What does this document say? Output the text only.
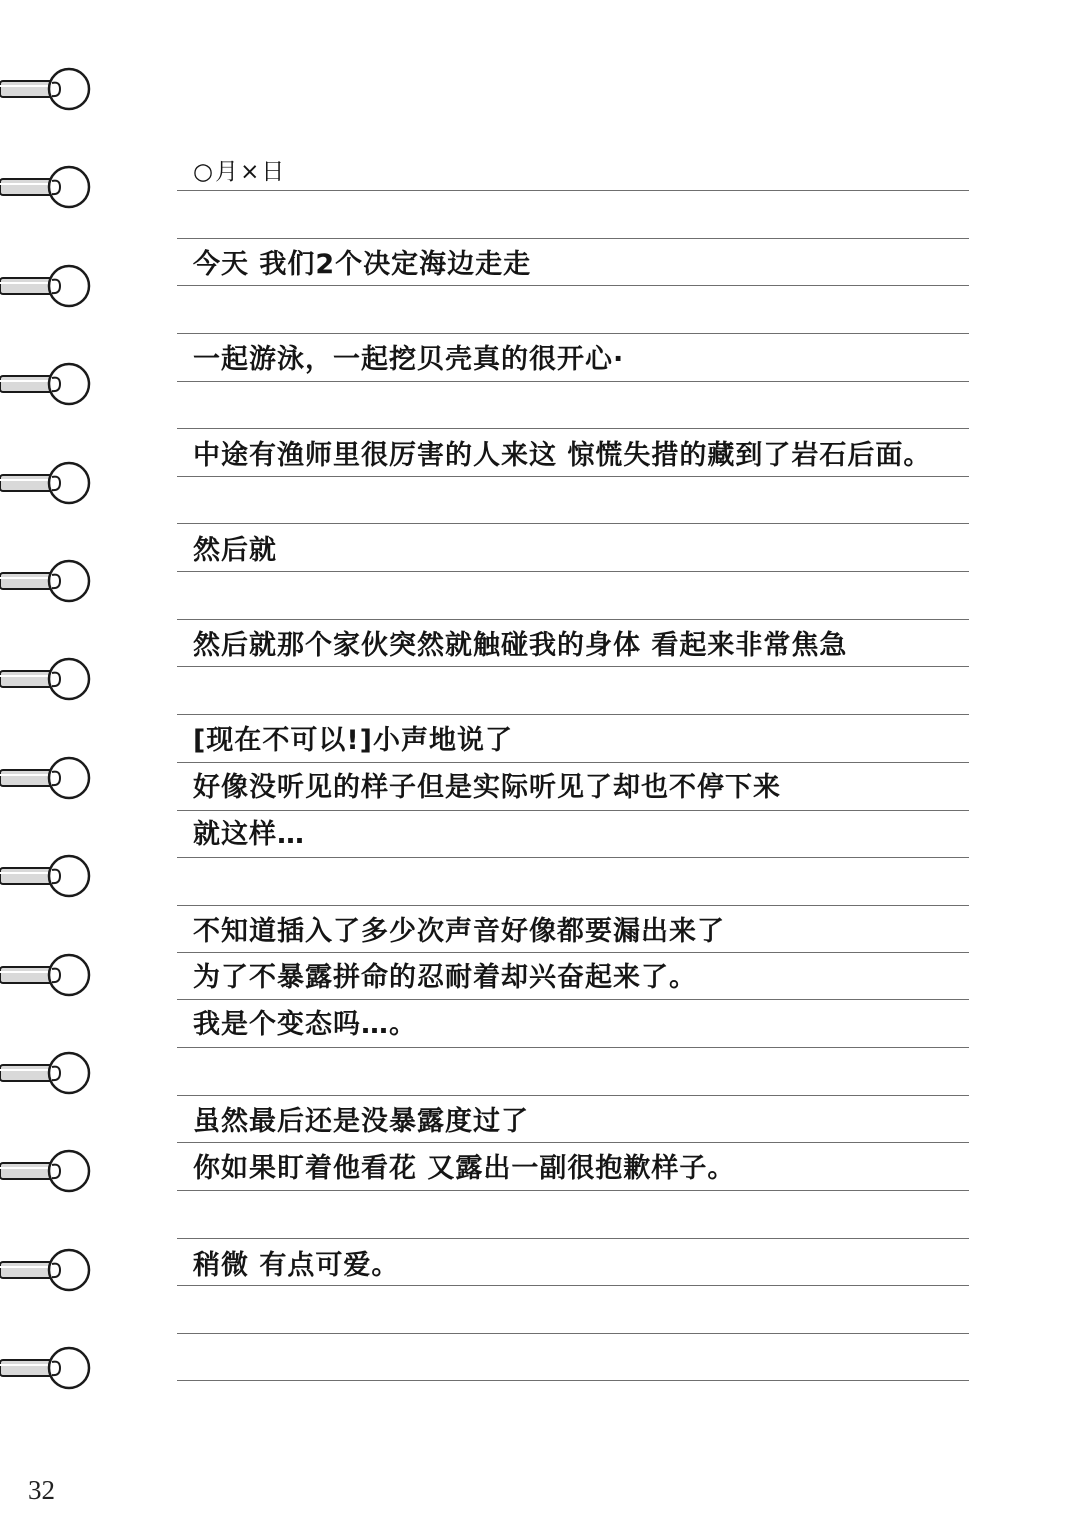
○月×日
今天 我们2个决定海边走走
一起游泳，一起挖贝壳真的很开心·
中途有渔师里很厉害的人来这 惊慌失措的藏到了岩石后面。
然后就
然后就那个家伙突然就触碰我的身体 看起来非常焦急
[现在不可以!]小声地说了
好像没听见的样子但是实际听见了却也不停下来
就这样…
不知道插入了多少次声音好像都要漏出来了
为了不暴露拼命的忍耐着却兴奋起来了。
我是个变态吗…。
虽然最后还是没暴露度过了
你如果盯着他看花 又露出一副很抱歉样子。
稍微 有点可爱。
32
